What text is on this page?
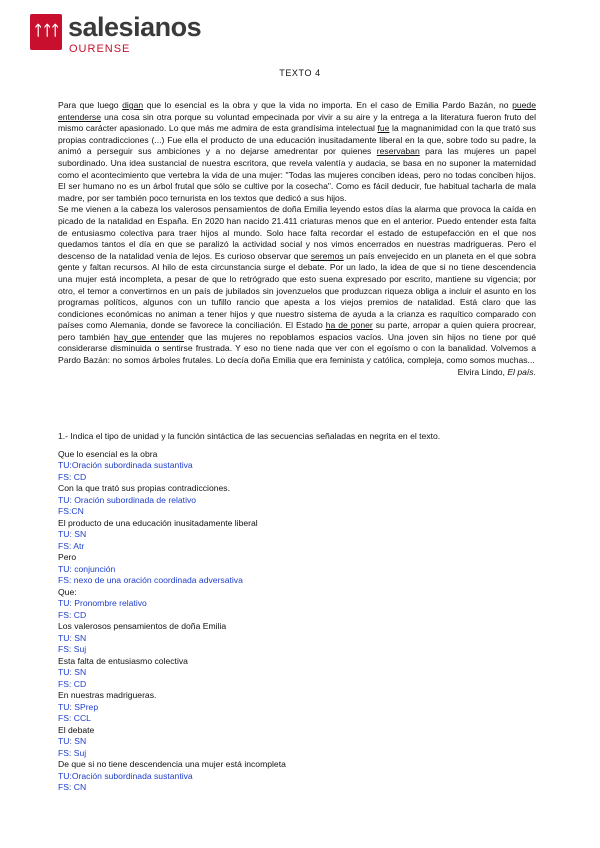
ᛏ ᛏ ᛏ salesianos
OURENSE
TEXTO 4

Para que luego digan que lo esencial es la obra y que la vida no importa. En el caso de Emilia Pardo Bazán, no puede entenderse una cosa sin otra porque su voluntad empecinada por vivir a su aire y la entrega a la literatura fueron fruto del mismo carácter apasionado. Lo que más me admira de esta grandísima intelectual fue la magnanimidad con la que trató sus propias contradicciones (...) Fue ella el producto de una educación inusitadamente liberal en la que, sobre todo su padre, la animó a perseguir sus ambiciones y a no dejarse amedrentar por quienes reservaban para las mujeres un papel subordinado. Una idea sustancial de nuestra escritora, que revela valentía y audacia, se basa en no suponer la maternidad como el acontecimiento que vertebra la vida de una mujer: "Todas las mujeres conciben ideas, pero no todas conciben hijos. El ser humano no es un árbol frutal que sólo se cultive por la cosecha". Como es fácil deducir, fue habitual tacharla de mala madre, por ser también poco ternurista en los textos que dedicó a sus hijos.

Se me vienen a la cabeza los valerosos pensamientos de doña Emilia leyendo estos días la alarma que provoca la caída en picado de la natalidad en España. En 2020 han nacido 21.411 criaturas menos que en el anterior. Puedo entender esta falta de entusiasmo colectiva para traer hijos al mundo. Solo hace falta recordar el estado de estupefacción en el que nos quedamos tantos el día en que se paralizó la actividad social y nos vimos encerrados en nuestras madrigueras. Pero el descenso de la natalidad venía de lejos. Es curioso observar que seremos un país envejecido en un planeta en el que sobra gente y faltan recursos. Al hilo de esta circunstancia surge el debate. Por un lado, la idea de que si no tiene descendencia una mujer está incompleta, a pesar de que lo retrógrado que esto suena expresado por escrito, mantiene su vigencia; por otro, el temor a convertirnos en un país de jubilados sin jovenzuelos que produzcan riqueza obliga a incluir el asunto en los programas políticos, algunos con un tufillo rancio que apesta a los viejos premios de natalidad. Está claro que las condiciones económicas no animan a tener hijos y que nuestro sistema de ayuda a la crianza es raquítico comparado con países como Alemania, donde se favorece la conciliación. El Estado ha de poner su parte, arropar a quien quiera procrear, pero también hay que entender que las mujeres no repoblamos espacios vacíos. Una joven sin hijos no tiene por qué considerarse disminuida o sentirse frustrada. Y eso no tiene nada que ver con el egoísmo o con la banalidad. Volvemos a Pardo Bazán: no somos árboles frutales. Lo decía doña Emilia que era feminista y católica, compleja, como somos muchas...

Elvira Lindo, El país.

1.- Indica el tipo de unidad y la función sintáctica de las secuencias señaladas en negrita en el texto.
Que lo esencial es la obra
TU:Oración subordinada sustantiva
FS: CD
Con la que trató sus propias contradicciones.
TU: Oración subordinada de relativo
FS:CN
El producto de una educación inusitadamente liberal
TU: SN
FS: Atr
Pero
TU: conjunción
FS: nexo de una oración coordinada adversativa
Que:
TU: Pronombre relativo
FS: CD
Los valerosos pensamientos de doña Emilia
TU: SN
FS: Suj
Esta falta de entusiasmo colectiva
TU: SN
FS: CD
En nuestras madrigueras.
TU: SPrep
FS: CCL
El debate
TU: SN
FS: Suj
De que si no tiene descendencia una mujer está incompleta
TU:Oración subordinada sustantiva
FS: CN
